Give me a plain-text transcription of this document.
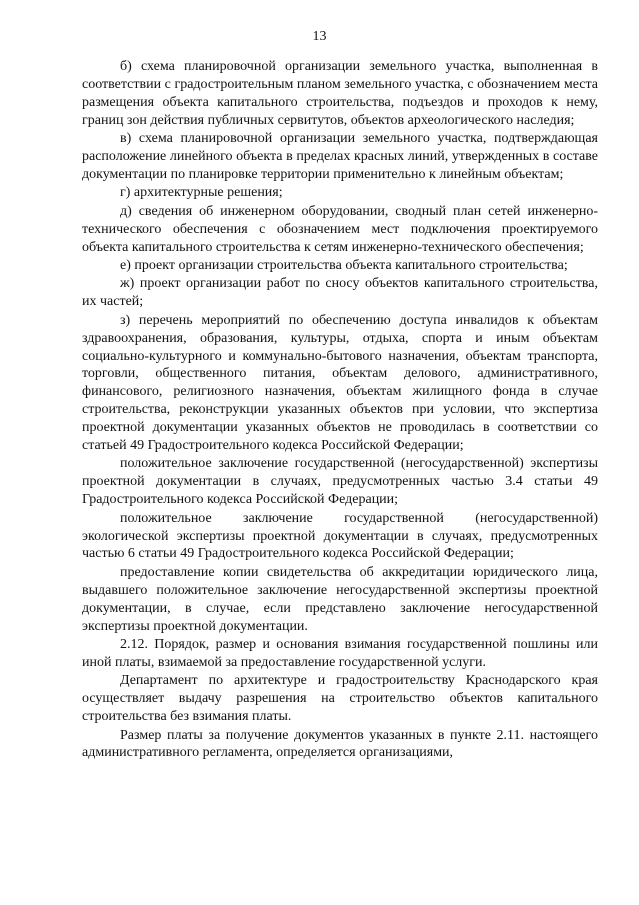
13

б) схема планировочной организации земельного участка, выполненная в соответствии с градостроительным планом земельного участка, с обозначением места размещения объекта капитального строительства, подъездов и проходов к нему, границ зон действия публичных сервитутов, объектов археологического наследия;

в) схема планировочной организации земельного участка, подтверждающая расположение линейного объекта в пределах красных линий, утвержденных в составе документации по планировке территории применительно к линейным объектам;

г) архитектурные решения;

д) сведения об инженерном оборудовании, сводный план сетей инженерно-технического обеспечения с обозначением мест подключения проектируемого объекта капитального строительства к сетям инженерно-технического обеспечения;

е) проект организации строительства объекта капитального строительства;

ж) проект организации работ по сносу объектов капитального строительства, их частей;

з) перечень мероприятий по обеспечению доступа инвалидов к объектам здравоохранения, образования, культуры, отдыха, спорта и иным объектам социально-культурного и коммунально-бытового назначения, объектам транспорта, торговли, общественного питания, объектам делового, административного, финансового, религиозного назначения, объектам жилищного фонда в случае строительства, реконструкции указанных объектов при условии, что экспертиза проектной документации указанных объектов не проводилась в соответствии со статьей 49 Градостроительного кодекса Российской Федерации;

положительное заключение государственной (негосударственной) экспертизы проектной документации в случаях, предусмотренных частью 3.4 статьи 49 Градостроительного кодекса Российской Федерации;

положительное заключение государственной (негосударственной) экологической экспертизы проектной документации в случаях, предусмотренных частью 6 статьи 49 Градостроительного кодекса Российской Федерации;

предоставление копии свидетельства об аккредитации юридического лица, выдавшего положительное заключение негосударственной экспертизы проектной документации, в случае, если представлено заключение негосударственной экспертизы проектной документации.

2.12. Порядок, размер и основания взимания государственной пошлины или иной платы, взимаемой за предоставление государственной услуги.

Департамент по архитектуре и градостроительству Краснодарского края осуществляет выдачу разрешения на строительство объектов капитального строительства без взимания платы.

Размер платы за получение документов указанных в пункте 2.11. настоящего административного регламента, определяется организациями,
